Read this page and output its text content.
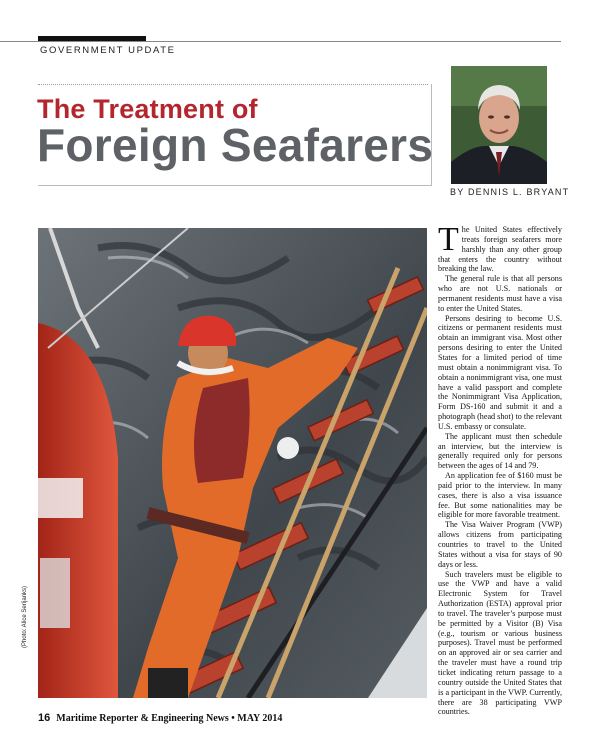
GOVERNMENT UPDATE
The Treatment of
Foreign Seafarers
BY DENNIS L. BRYANT
(Photo: Alice Serijanks)

The United States effectively treats foreign seafarers more harshly than any other group that enters the country without breaking the law.

The general rule is that all persons who are not U.S. nationals or permanent residents must have a visa to enter the United States.

Persons desiring to become U.S. citizens or permanent residents must obtain an immigrant visa. Most other persons desiring to enter the United States for a limited period of time must obtain a nonimmigrant visa. To obtain a nonimmigrant visa, one must have a valid passport and complete the Nonimmigrant Visa Application, Form DS-160 and submit it and a photograph (head shot) to the relevant U.S. embassy or consulate.

The applicant must then schedule an interview, but the interview is generally required only for persons between the ages of 14 and 79.

An application fee of $160 must be paid prior to the interview. In many cases, there is also a visa issuance fee. But some nationalities may be eligible for more favorable treatment.

The Visa Waiver Program (VWP) allows citizens from participating countries to travel to the United States without a visa for stays of 90 days or less.

Such travelers must be eligible to use the VWP and have a valid Electronic System for Travel Authorization (ESTA) approval prior to travel. The traveler’s purpose must be permitted by a Visitor (B) Visa (e.g., tourism or various business purposes). Travel must be performed on an approved air or sea carrier and the traveler must have a round trip ticket indicating return passage to a country outside the United States that is a participant in the VWP. Currently, there are 38 participating VWP countries.

16 Maritime Reporter & Engineering News • MAY 2014
